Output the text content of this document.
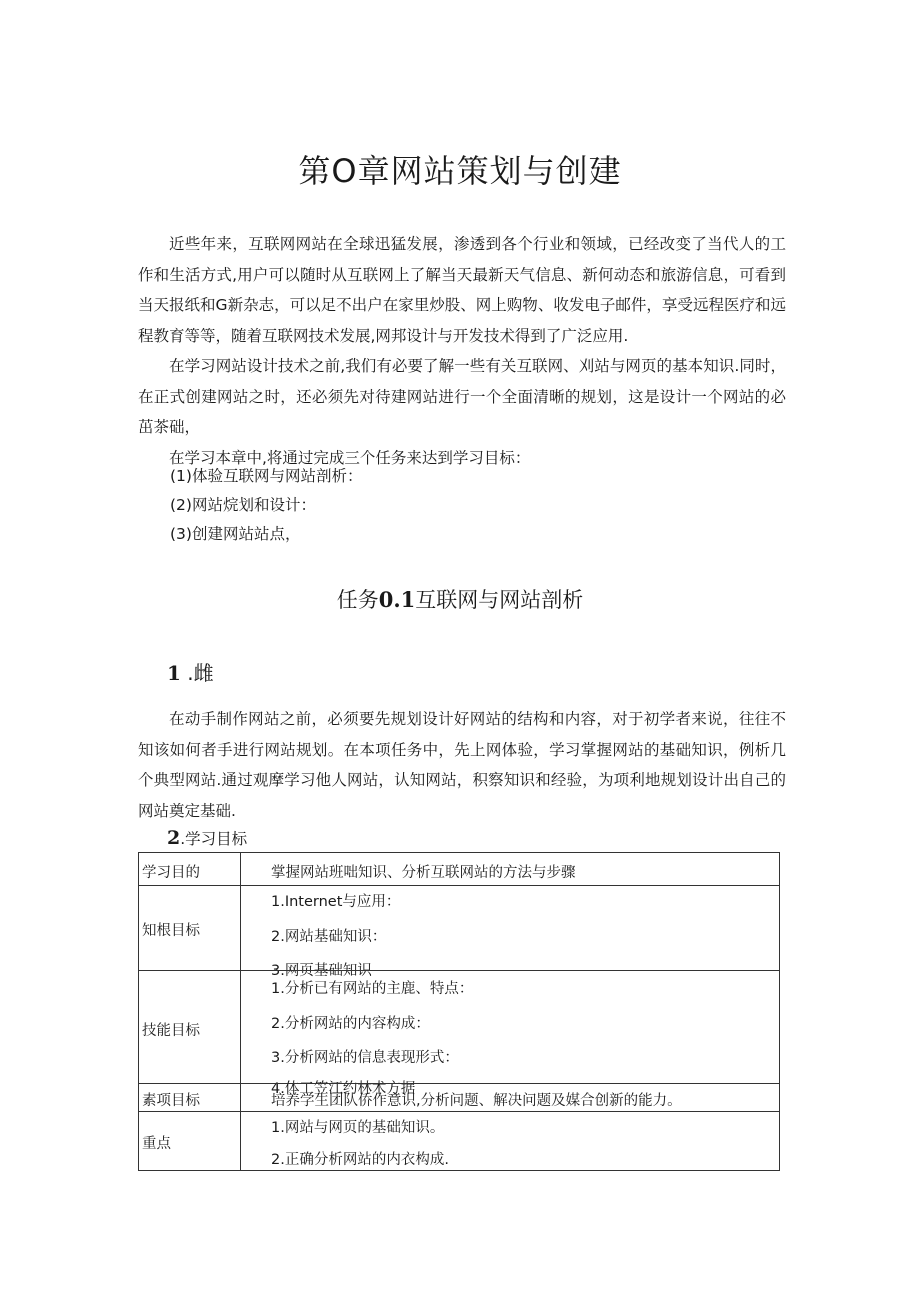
第O章网站策划与创建

近些年来，互联网网站在全球迅猛发展，渗透到各个行业和领域，已经改变了当代人的工作和生活方式,用户可以随时从互联网上了解当天最新天气信息、新何动态和旅游信息，可看到当天报纸和G新杂志，可以足不出户在家里炒股、网上购物、收发电子邮件，享受远程医疗和远程教育等等，随着互联网技术发展,网邦设计与开发技术得到了广泛应用.

在学习网站设计技术之前,我们有必要了解一些有关互联网、刈站与网页的基本知识.同时，在正式创建网站之时，还必须先对待建网站进行一个全面清晰的规划，这是设计一个网站的必茁茶础，

在学习本章中,将通过完成三个任务来达到学习目标：

(1)体验互联网与网站剖析：
(2)网站烷划和设计：
(3)创建网站站点，
任务0.1互联网与网站剖析
1 .雌

在动手制作网站之前，必须要先规划设计好网站的结构和内容，对于初学者来说，往往不知该如何者手进行网站规划。在本项任务中，先上网体验，学习掌握网站的基础知识，例析几个典型网站.通过观摩学习他人网站，认知网站，积察知识和经验，为项利地规划设计出自己的网站奠定基础.

2.学习目标
学习目的	掌握网站班咄知识、分析互联网站的方法与步骤
知根目标
1.Internet与应用：
2.网站基础知识：
3.网页基础知识
技能目标
1.分析已有网站的主鹿、特点：
2.分析网站的内容构成：
3.分析网站的信息表现形式：
4.体工笠江约林术方据
素项目标	培养学生团队侨作意识,分析问题、解决问题及媒合创新的能力。
重点
1.网站与网页的基础知识。
2.正确分析网站的内衣构成.
